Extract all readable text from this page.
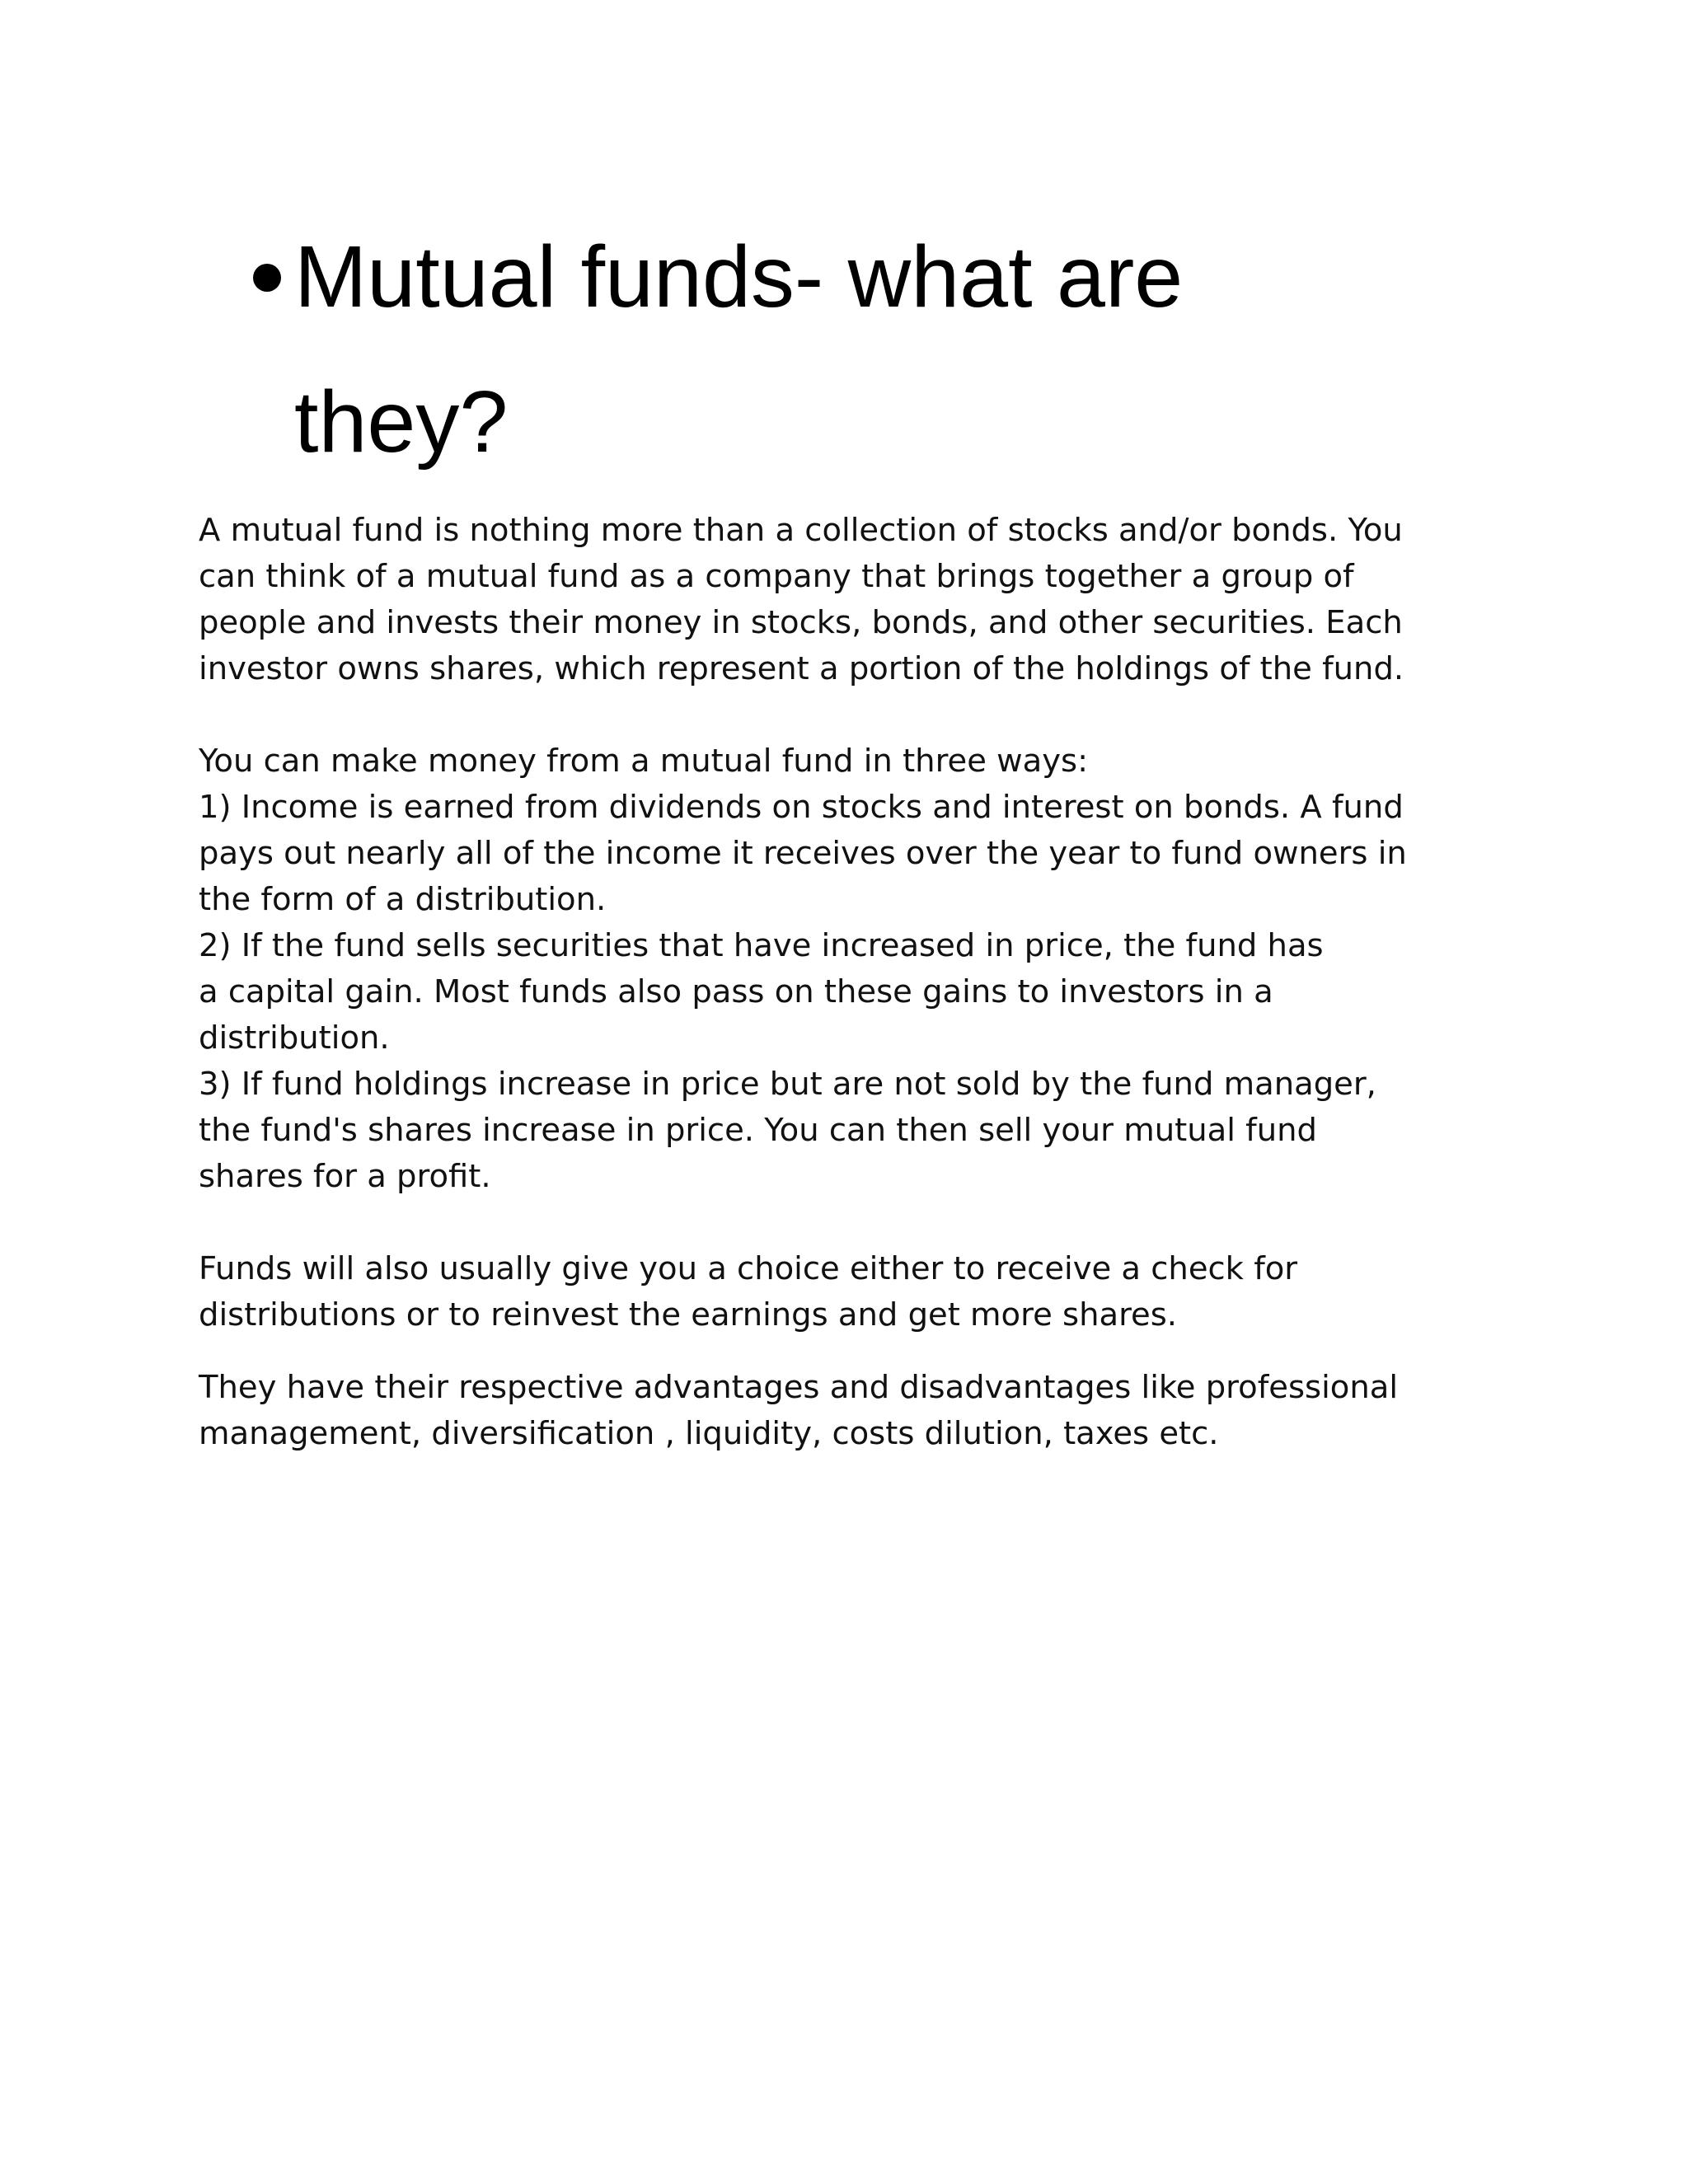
Mutual funds- what are
they?

A mutual fund is nothing more than a collection of stocks and/or bonds. You
can think of a mutual fund as a company that brings together a group of
people and invests their money in stocks, bonds, and other securities. Each
investor owns shares, which represent a portion of the holdings of the fund.

You can make money from a mutual fund in three ways:

1) Income is earned from dividends on stocks and interest on bonds. A fund
pays out nearly all of the income it receives over the year to fund owners in
the form of a distribution.

2) If the fund sells securities that have increased in price, the fund has
a capital gain. Most funds also pass on these gains to investors in a
distribution.

3) If fund holdings increase in price but are not sold by the fund manager,
the fund's shares increase in price. You can then sell your mutual fund
shares for a profit.

Funds will also usually give you a choice either to receive a check for
distributions or to reinvest the earnings and get more shares.

They have their respective advantages and disadvantages like professional
management, diversification , liquidity, costs dilution, taxes etc.
